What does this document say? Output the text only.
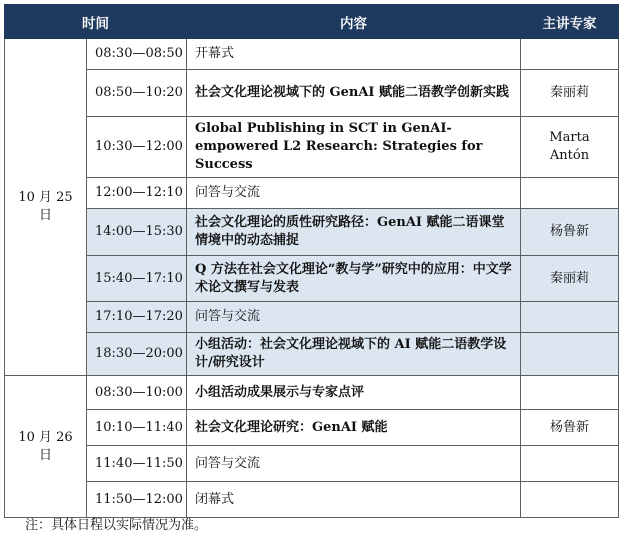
时间		内容	主讲专家
10 月 25 日	08:30—08:50	开幕式	
	08:50—10:20	社会文化理论视域下的 GenAI 赋能二语教学创新实践	秦丽莉
	10:30—12:00	Global Publishing in SCT in GenAI-empowered L2 Research: Strategies for Success	Marta Antón
	12:00—12:10	问答与交流	
	14:00—15:30	社会文化理论的质性研究路径：GenAI 赋能二语课堂情境中的动态捕捉	杨鲁新
	15:40—17:10	Q 方法在社会文化理论“教与学”研究中的应用：中文学术论文撰写与发表	秦丽莉
	17:10—17:20	问答与交流	
	18:30—20:00	小组活动：社会文化理论视域下的 AI 赋能二语教学设计/研究设计	
10 月 26 日	08:30—10:00	小组活动成果展示与专家点评	
	10:10—11:40	社会文化理论研究：GenAI 赋能	杨鲁新
	11:40—11:50	问答与交流	
	11:50—12:00	闭幕式	
注：具体日程以实际情况为准。
